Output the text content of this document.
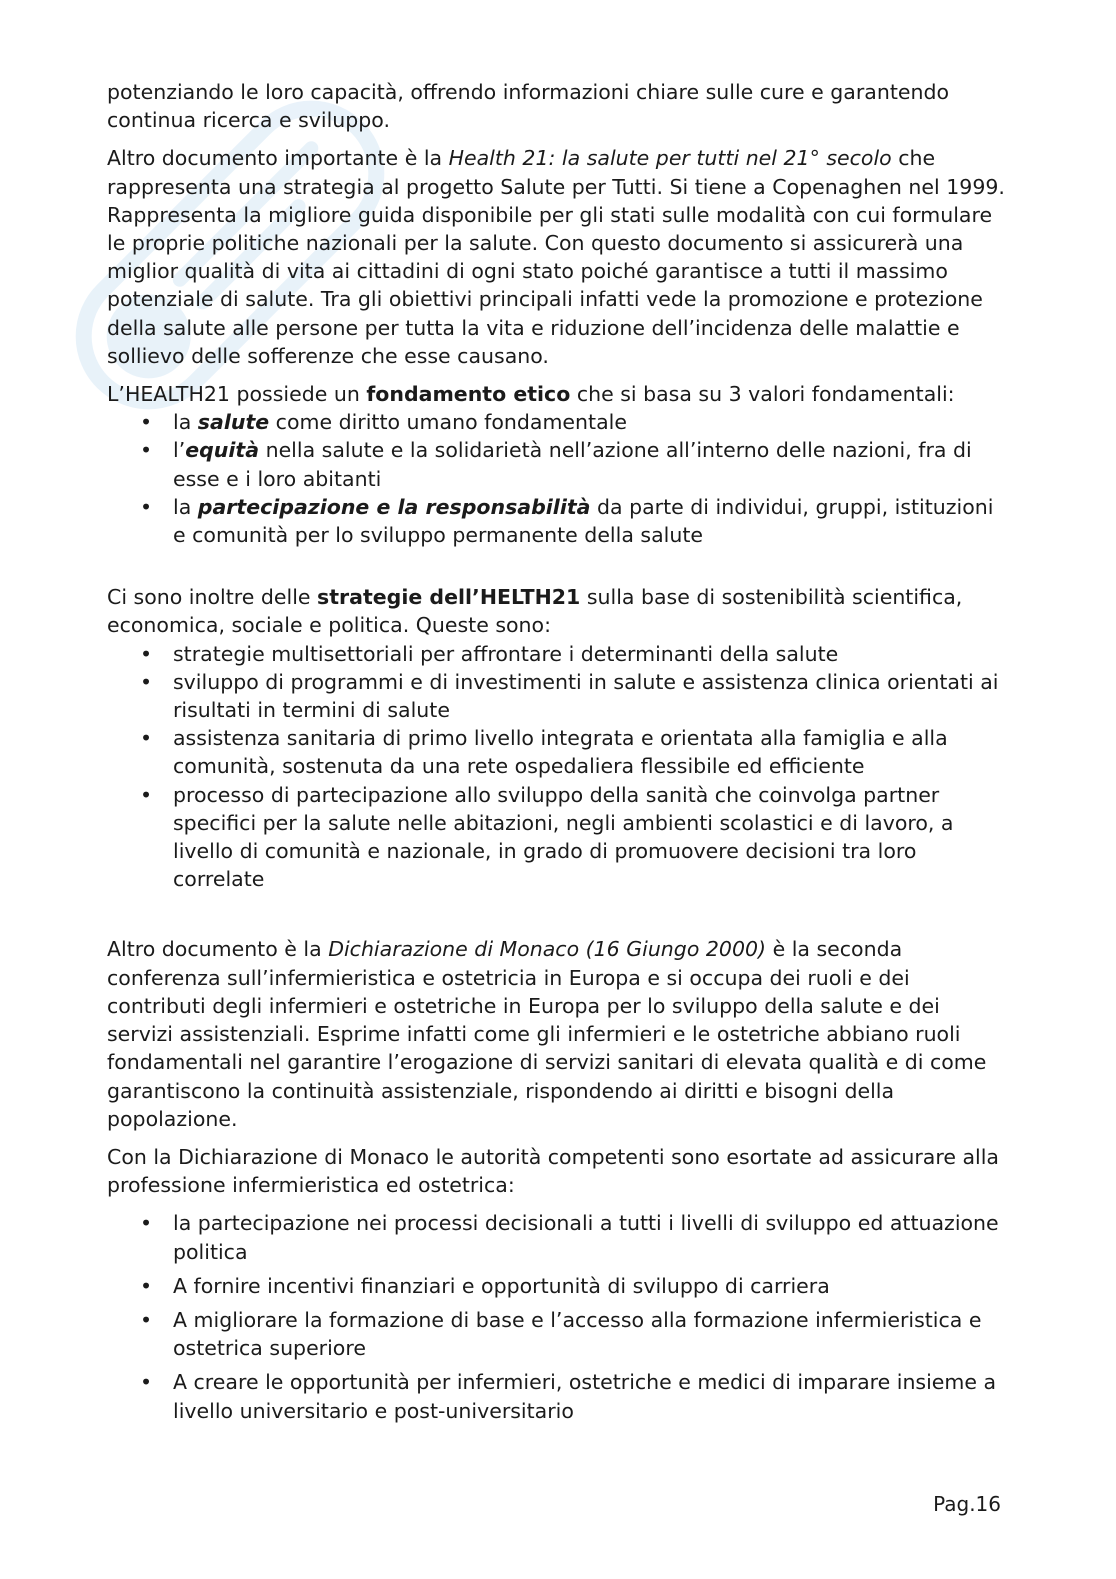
potenziando le loro capacità, offrendo informazioni chiare sulle cure e garantendo continua ricerca e sviluppo.

Altro documento importante è la Health 21: la salute per tutti nel 21° secolo che rappresenta una strategia al progetto Salute per Tutti. Si tiene a Copenaghen nel 1999. Rappresenta la migliore guida disponibile per gli stati sulle modalità con cui formulare le proprie politiche nazionali per la salute. Con questo documento si assicurerà una miglior qualità di vita ai cittadini di ogni stato poiché garantisce a tutti il massimo potenziale di salute. Tra gli obiettivi principali infatti vede la promozione e protezione della salute alle persone per tutta la vita e riduzione dell’incidenza delle malattie e sollievo delle sofferenze che esse causano.

L’HEALTH21 possiede un fondamento etico che si basa su 3 valori fondamentali:

• la salute come diritto umano fondamentale
• l’equità nella salute e la solidarietà nell’azione all’interno delle nazioni, fra di esse e i loro abitanti
• la partecipazione e la responsabilità da parte di individui, gruppi, istituzioni e comunità per lo sviluppo permanente della salute

Ci sono inoltre delle strategie dell’HELTH21 sulla base di sostenibilità scientifica, economica, sociale e politica. Queste sono:

• strategie multisettoriali per affrontare i determinanti della salute
• sviluppo di programmi e di investimenti in salute e assistenza clinica orientati ai risultati in termini di salute
• assistenza sanitaria di primo livello integrata e orientata alla famiglia e alla comunità, sostenuta da una rete ospedaliera flessibile ed efficiente
• processo di partecipazione allo sviluppo della sanità che coinvolga partner specifici per la salute nelle abitazioni, negli ambienti scolastici e di lavoro, a livello di comunità e nazionale, in grado di promuovere decisioni tra loro correlate

Altro documento è la Dichiarazione di Monaco (16 Giungo 2000) è la seconda conferenza sull’infermieristica e ostetricia in Europa e si occupa dei ruoli e dei contributi degli infermieri e ostetriche in Europa per lo sviluppo della salute e dei servizi assistenziali. Esprime infatti come gli infermieri e le ostetriche abbiano ruoli fondamentali nel garantire l’erogazione di servizi sanitari di elevata qualità e di come garantiscono la continuità assistenziale, rispondendo ai diritti e bisogni della popolazione.

Con la Dichiarazione di Monaco le autorità competenti sono esortate ad assicurare alla professione infermieristica ed ostetrica:

• la partecipazione nei processi decisionali a tutti i livelli di sviluppo ed attuazione politica
• A fornire incentivi finanziari e opportunità di sviluppo di carriera
• A migliorare la formazione di base e l’accesso alla formazione infermieristica e ostetrica superiore
• A creare le opportunità per infermieri, ostetriche e medici di imparare insieme a livello universitario e post-universitario
Pag.16
